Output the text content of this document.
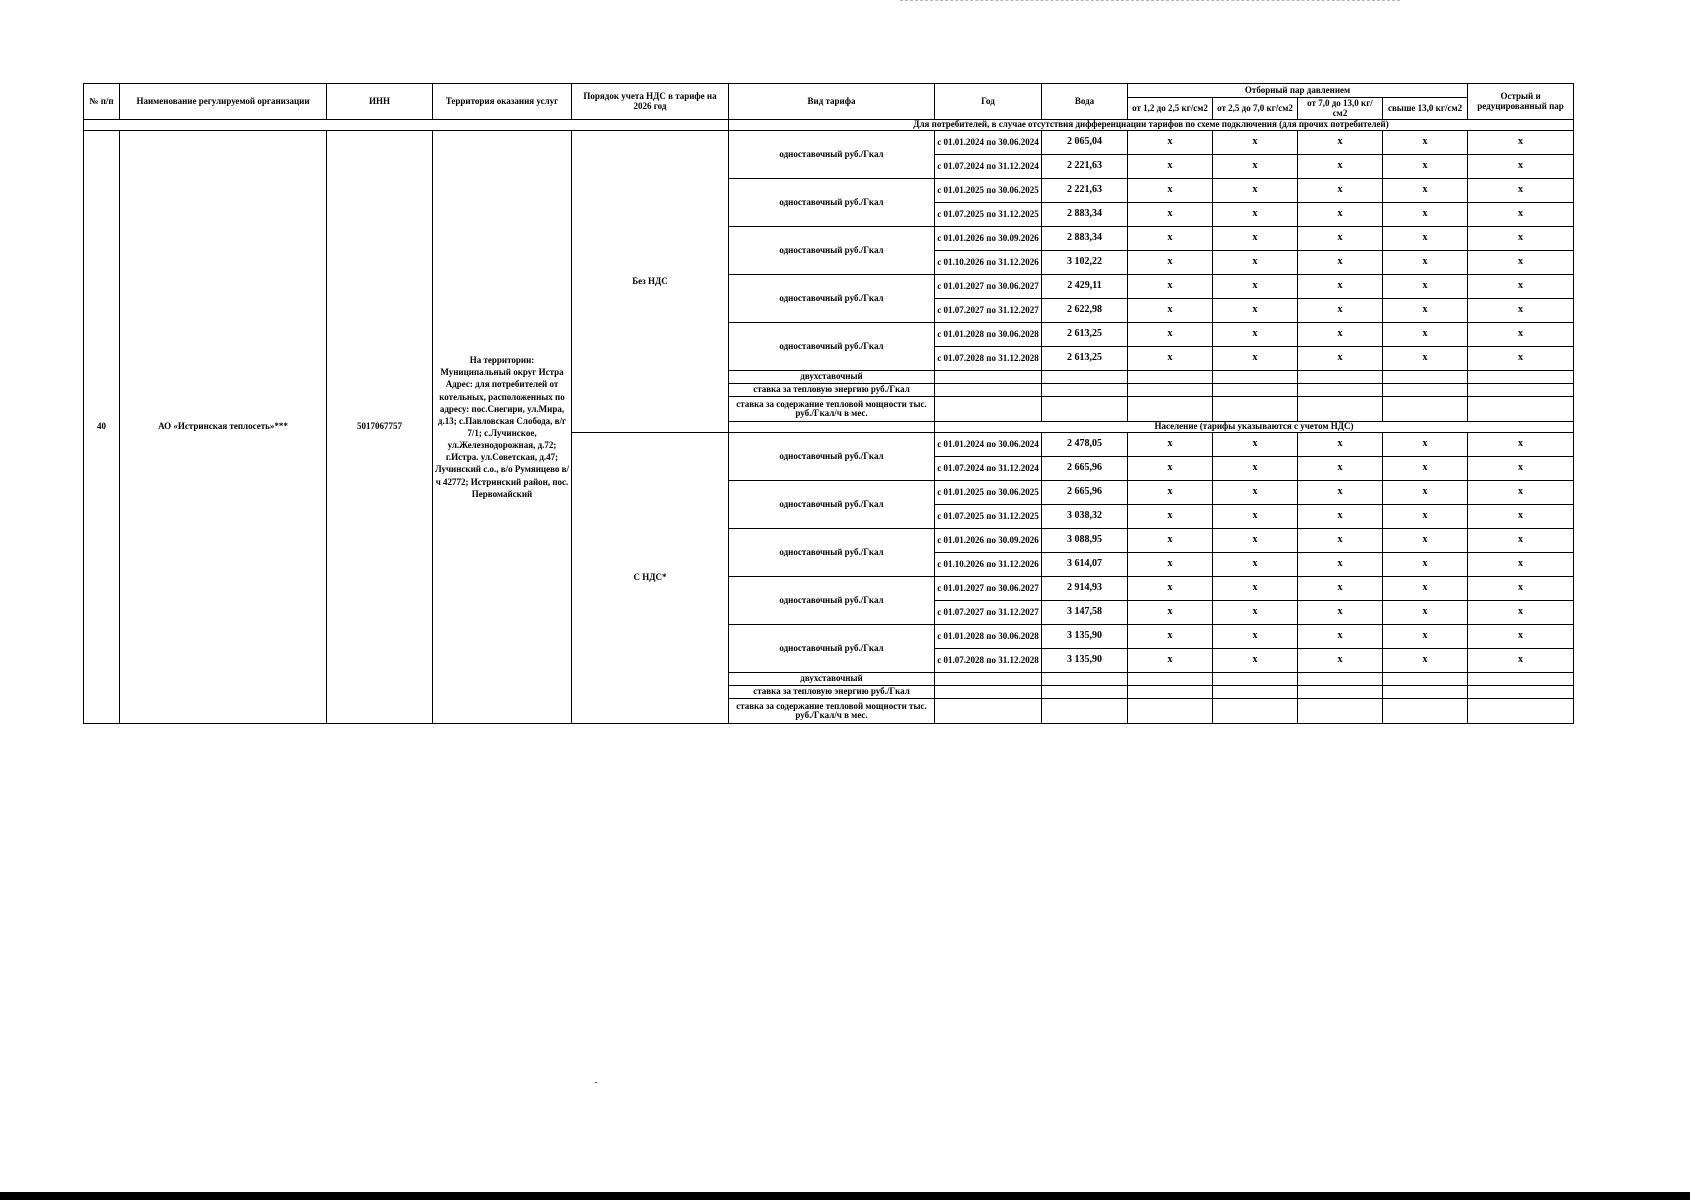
№ п/п	Наименование регулируемой организации	ИНН	Территория оказания услуг	Порядок учета НДС в тарифе на 2026 год	Вид тарифа	Год	Вода	Отборный пар давлением				Острый и редуцированный пар
								от 1,2 до 2,5 кг/см2	от 2,5 до 7,0 кг/см2	от 7,0 до 13,0 кг/см2	свыше 13,0 кг/см2	
					Для потребителей, в случае отсутствия дифференциации тарифов по схеме подключения (для прочих потребителей)							
40	АО «Истринская теплосеть»***	5017067757	На территории: Муниципальный округ Истра Адрес: для потребителей от котельных, расположенных по адресу: пос.Снегири, ул.Мира, д.13; с.Павловская Слобода, в/г 7/1; с.Лучинское, ул.Железнодорожная, д.72; г.Истра. ул.Советская, д.47; Лучинский с.о., в/о Румянцево в/ч 42772; Истринский район, пос. Первомайский	Без НДС	одноставочный руб./Гкал	с 01.01.2024 по 30.06.2024	2 065,04	x	x	x	x	x
						с 01.07.2024 по 31.12.2024	2 221,63	x	x	x	x	x
					одноставочный руб./Гкал	с 01.01.2025 по 30.06.2025	2 221,63	x	x	x	x	x
						с 01.07.2025 по 31.12.2025	2 883,34	x	x	x	x	x
					одноставочный руб./Гкал	с 01.01.2026 по 30.09.2026	2 883,34	x	x	x	x	x
						с 01.10.2026 по 31.12.2026	3 102,22	x	x	x	x	x
					одноставочный руб./Гкал	с 01.01.2027 по 30.06.2027	2 429,11	x	x	x	x	x
						с 01.07.2027 по 31.12.2027	2 622,98	x	x	x	x	x
					одноставочный руб./Гкал	с 01.01.2028 по 30.06.2028	2 613,25	x	x	x	x	x
						с 01.07.2028 по 31.12.2028	2 613,25	x	x	x	x	x
					двухставочный							
					ставка за тепловую энергию руб./Гкал							
					ставка за содержание тепловой мощности тыс. руб./Гкал/ч в мес.							
						Население (тарифы указываются с учетом НДС)						
				С НДС*	одноставочный руб./Гкал	с 01.01.2024 по 30.06.2024	2 478,05	x	x	x	x	x
						с 01.07.2024 по 31.12.2024	2 665,96	x	x	x	x	x
					одноставочный руб./Гкал	с 01.01.2025 по 30.06.2025	2 665,96	x	x	x	x	x
						с 01.07.2025 по 31.12.2025	3 038,32	x	x	x	x	x
					одноставочный руб./Гкал	с 01.01.2026 по 30.09.2026	3 088,95	x	x	x	x	x
						с 01.10.2026 по 31.12.2026	3 614,07	x	x	x	x	x
					одноставочный руб./Гкал	с 01.01.2027 по 30.06.2027	2 914,93	x	x	x	x	x
						с 01.07.2027 по 31.12.2027	3 147,58	x	x	x	x	x
					одноставочный руб./Гкал	с 01.01.2028 по 30.06.2028	3 135,90	x	x	x	x	x
						с 01.07.2028 по 31.12.2028	3 135,90	x	x	x	x	x
					двухставочный							
					ставка за тепловую энергию руб./Гкал							
					ставка за содержание тепловой мощности тыс. руб./Гкал/ч в мес.							
